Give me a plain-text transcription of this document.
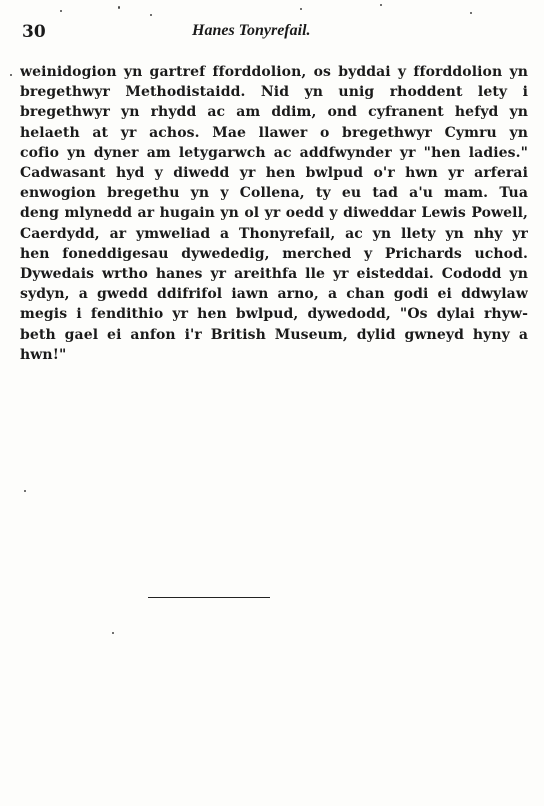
30	Hanes Tonyrefail.
weinidogion yn gartref fforddolion, os byddai y fforddolion yn
bregethwyr Methodistaidd. Nid yn unig rhoddent lety i
bregethwyr yn rhydd ac am ddim, ond cyfranent hefyd yn
helaeth at yr achos. Mae llawer o bregethwyr Cymru yn
cofio yn dyner am letygarwch ac addfwynder yr "hen ladies."
Cadwasant hyd y diwedd yr hen bwlpud o'r hwn yr arferai
enwogion bregethu yn y Collena, ty eu tad a'u mam. Tua
deng mlynedd ar hugain yn ol yr oedd y diweddar Lewis Powell,
Caerdydd, ar ymweliad a Thonyrefail, ac yn llety yn nhy yr
hen foneddigesau dywededig, merched y Prichards uchod.
Dywedais wrtho hanes yr areithfa lle yr eisteddai. Cododd yn
sydyn, a gwedd ddifrifol iawn arno, a chan godi ei ddwylaw
megis i fendithio yr hen bwlpud, dywedodd, "Os dylai rhyw-
beth gael ei anfon i'r British Museum, dylid gwneyd hyny a
hwn!"
